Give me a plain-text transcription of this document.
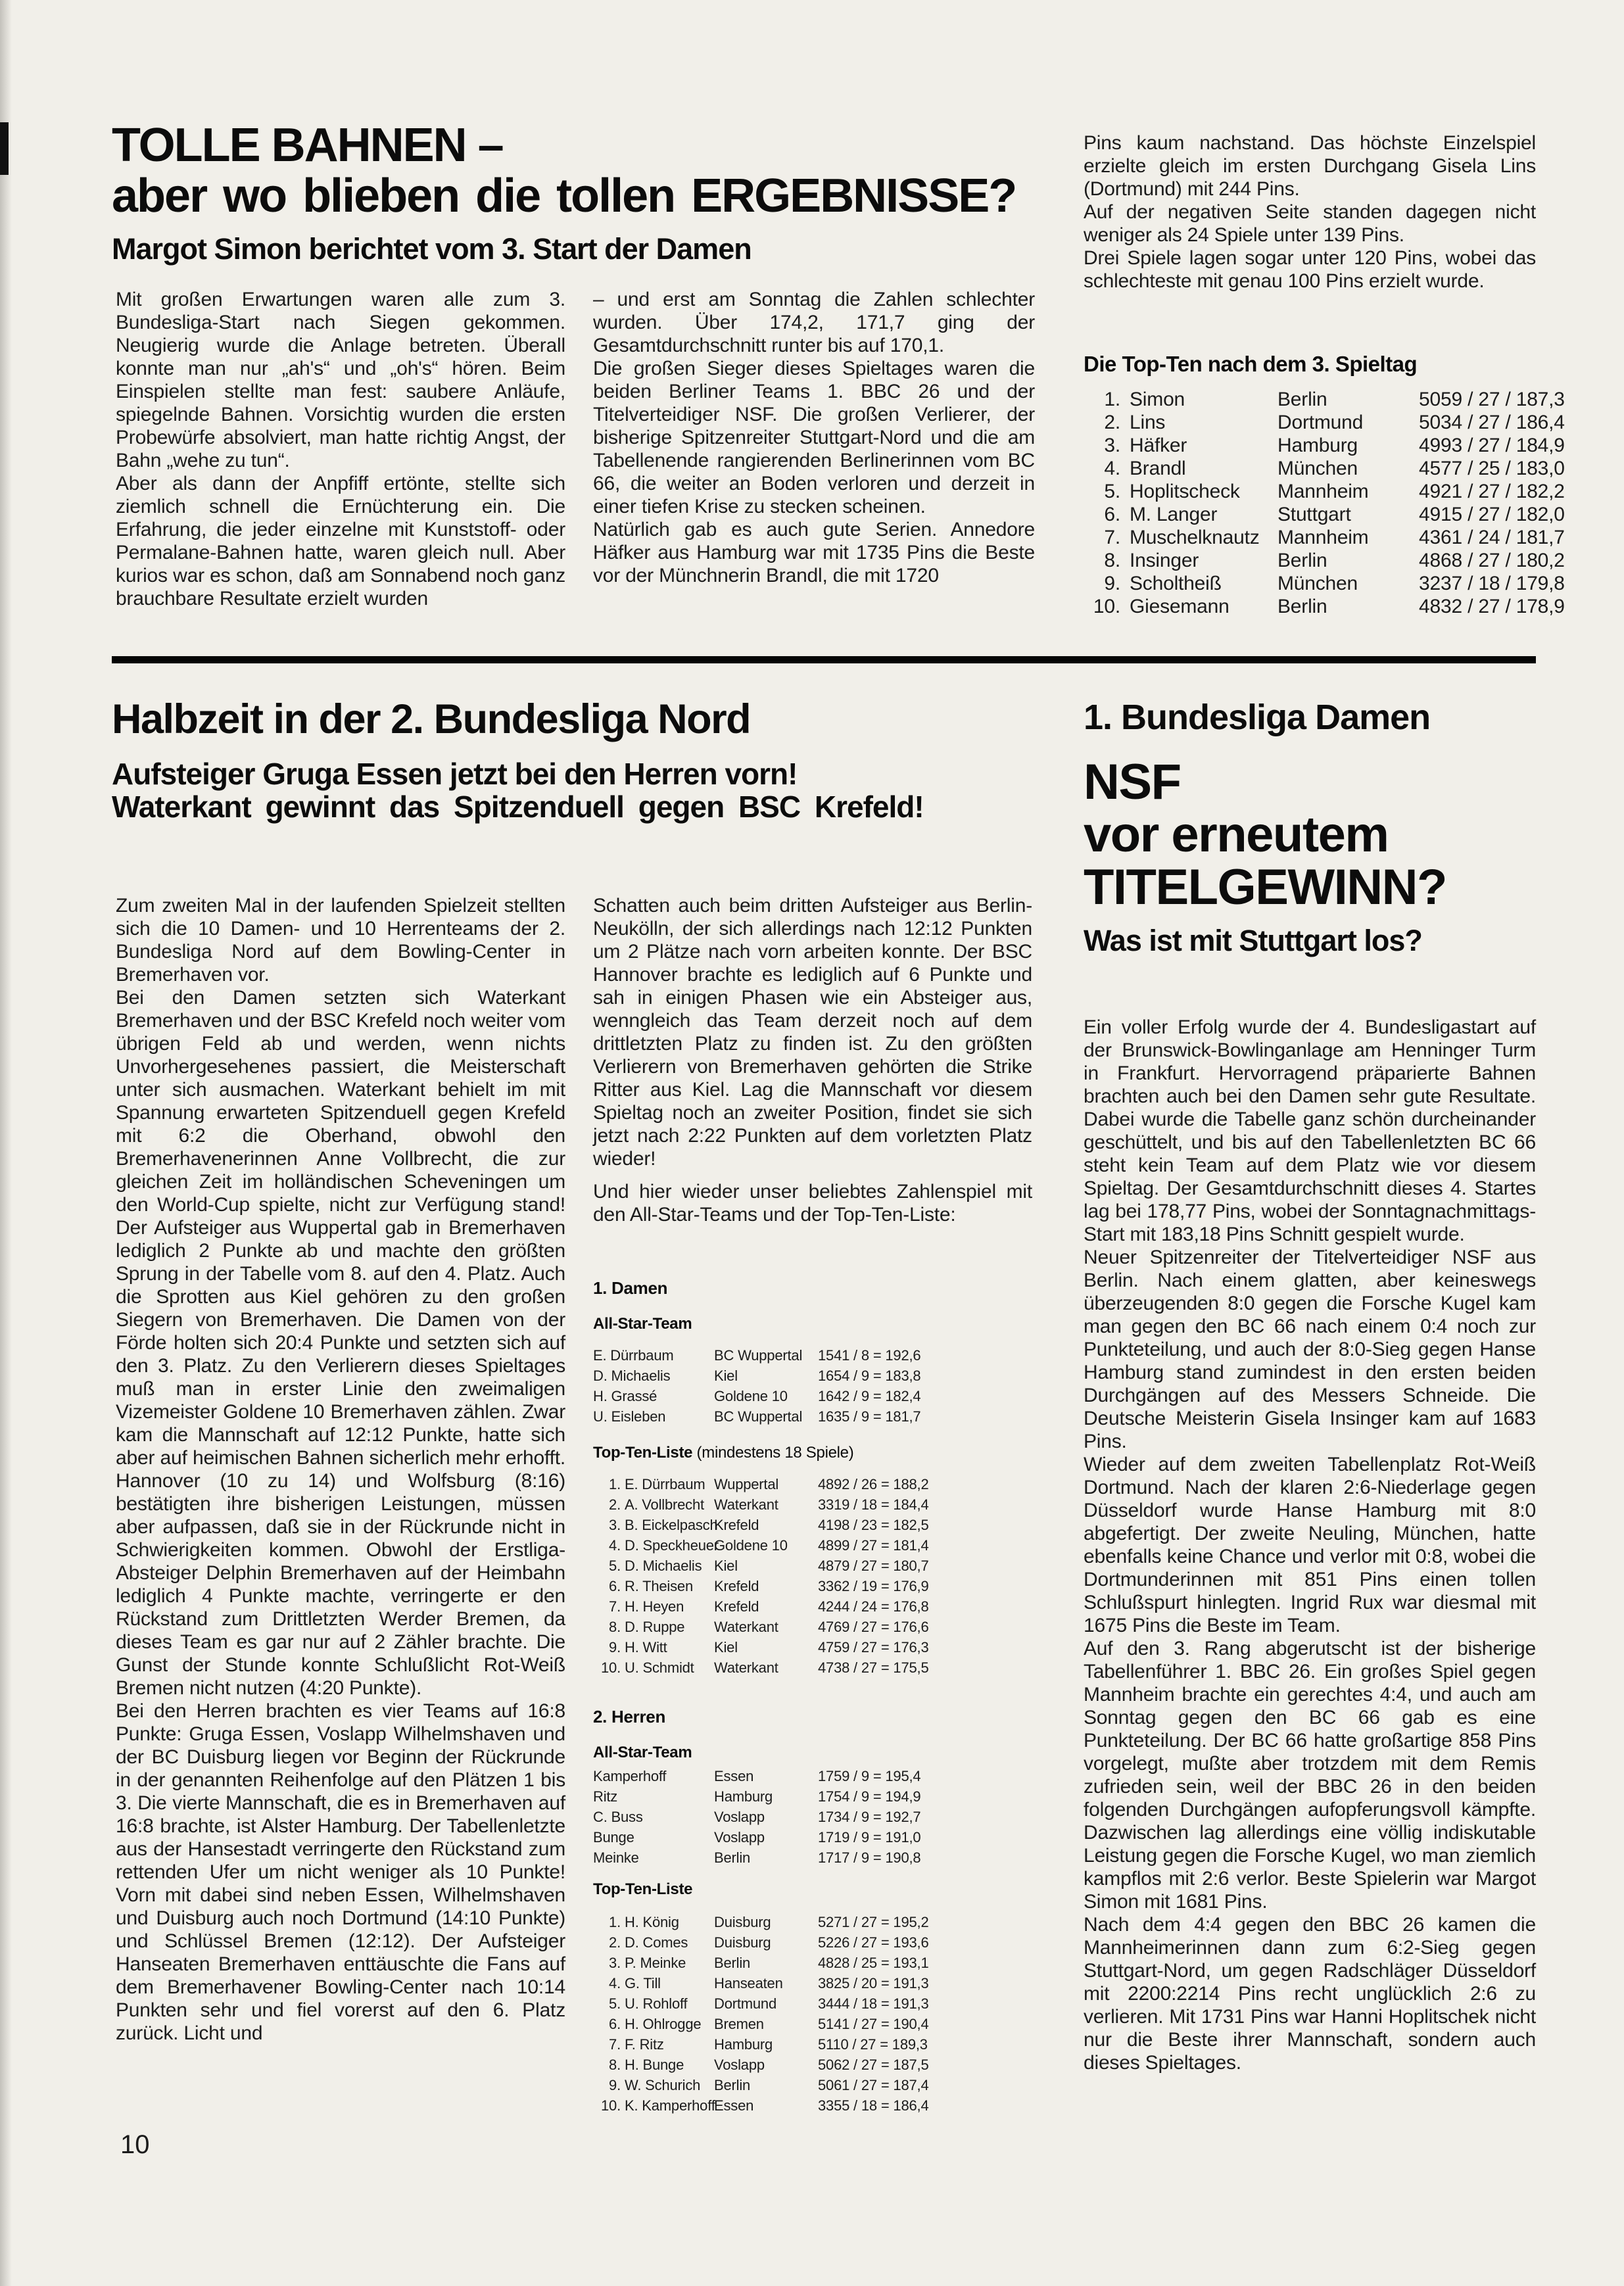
TOLLE BAHNEN –
aber wo blieben die tollen ERGEBNISSE?
Margot Simon berichtet vom 3. Start der Damen

Mit großen Erwartungen waren alle zum 3. Bundesliga-Start nach Siegen gekommen. Neugierig wurde die Anlage betreten. Überall konnte man nur „ah's“ und „oh's“ hören. Beim Einspielen stellte man fest: saubere Anläufe, spiegelnde Bahnen. Vorsichtig wurden die ersten Probewürfe absolviert, man hatte richtig Angst, der Bahn „wehe zu tun“.

Aber als dann der Anpfiff ertönte, stellte sich ziemlich schnell die Ernüchterung ein. Die Erfahrung, die jeder einzelne mit Kunststoff- oder Permalane-Bahnen hatte, waren gleich null. Aber kurios war es schon, daß am Sonnabend noch ganz brauchbare Resultate erzielt wurden

– und erst am Sonntag die Zahlen schlechter wurden. Über 174,2, 171,7 ging der Gesamtdurchschnitt runter bis auf 170,1.

Die großen Sieger dieses Spieltages waren die beiden Berliner Teams 1. BBC 26 und der Titelverteidiger NSF. Die großen Verlierer, der bisherige Spitzenreiter Stuttgart-Nord und die am Tabellenende rangierenden Berlinerinnen vom BC 66, die weiter an Boden verloren und derzeit in einer tiefen Krise zu stecken scheinen.

Natürlich gab es auch gute Serien. Annedore Häfker aus Hamburg war mit 1735 Pins die Beste vor der Münchnerin Brandl, die mit 1720

Pins kaum nachstand. Das höchste Einzelspiel erzielte gleich im ersten Durchgang Gisela Lins (Dortmund) mit 244 Pins.

Auf der negativen Seite standen dagegen nicht weniger als 24 Spiele unter 139 Pins.

Drei Spiele lagen sogar unter 120 Pins, wobei das schlechteste mit genau 100 Pins erzielt wurde.

Die Top-Ten nach dem 3. Spieltag
1. Simon	Berlin	5059 / 27 / 187,3
2. Lins	Dortmund	5034 / 27 / 186,4
3. Häfker	Hamburg	4993 / 27 / 184,9
4. Brandl	München	4577 / 25 / 183,0
5. Hoplitscheck	Mannheim	4921 / 27 / 182,2
6. M. Langer	Stuttgart	4915 / 27 / 182,0
7. Muschelknautz Mannheim	4361 / 24 / 181,7
8. Insinger	Berlin	4868 / 27 / 180,2
9. Scholtheiß	München	3237 / 18 / 179,8
10. Giesemann	Berlin	4832 / 27 / 178,9
Halbzeit in der 2. Bundesliga Nord
Aufsteiger Gruga Essen jetzt bei den Herren vorn!
Waterkant gewinnt das Spitzenduell gegen BSC Krefeld!

Zum zweiten Mal in der laufenden Spielzeit stellten sich die 10 Damen- und 10 Herrenteams der 2. Bundesliga Nord auf dem Bowling-Center in Bremerhaven vor.

Bei den Damen setzten sich Waterkant Bremerhaven und der BSC Krefeld noch weiter vom übrigen Feld ab und werden, wenn nichts Unvorhergesehenes passiert, die Meisterschaft unter sich ausmachen. Waterkant behielt im mit Spannung erwarteten Spitzenduell gegen Krefeld mit 6:2 die Oberhand, obwohl den Bremerhavenerinnen Anne Vollbrecht, die zur gleichen Zeit im holländischen Scheveningen um den World-Cup spielte, nicht zur Verfügung stand! Der Aufsteiger aus Wuppertal gab in Bremerhaven lediglich 2 Punkte ab und machte den größten Sprung in der Tabelle vom 8. auf den 4. Platz. Auch die Sprotten aus Kiel gehören zu den großen Siegern von Bremerhaven. Die Damen von der Förde holten sich 20:4 Punkte und setzten sich auf den 3. Platz. Zu den Verlierern dieses Spieltages muß man in erster Linie den zweimaligen Vizemeister Goldene 10 Bremerhaven zählen. Zwar kam die Mannschaft auf 12:12 Punkte, hatte sich aber auf heimischen Bahnen sicherlich mehr erhofft. Hannover (10 zu 14) und Wolfsburg (8:16) bestätigten ihre bisherigen Leistungen, müssen aber aufpassen, daß sie in der Rückrunde nicht in Schwierigkeiten kommen. Obwohl der Erstliga-Absteiger Delphin Bremerhaven auf der Heimbahn lediglich 4 Punkte machte, verringerte er den Rückstand zum Drittletzten Werder Bremen, da dieses Team es gar nur auf 2 Zähler brachte. Die Gunst der Stunde konnte Schlußlicht Rot-Weiß Bremen nicht nutzen (4:20 Punkte).

Bei den Herren brachten es vier Teams auf 16:8 Punkte: Gruga Essen, Voslapp Wilhelmshaven und der BC Duisburg liegen vor Beginn der Rückrunde in der genannten Reihenfolge auf den Plätzen 1 bis 3. Die vierte Mannschaft, die es in Bremerhaven auf 16:8 brachte, ist Alster Hamburg. Der Tabellenletzte aus der Hansestadt verringerte den Rückstand zum rettenden Ufer um nicht weniger als 10 Punkte! Vorn mit dabei sind neben Essen, Wilhelmshaven und Duisburg auch noch Dortmund (14:10 Punkte) und Schlüssel Bremen (12:12). Der Aufsteiger Hanseaten Bremerhaven enttäuschte die Fans auf dem Bremerhavener Bowling-Center nach 10:14 Punkten sehr und fiel vorerst auf den 6. Platz zurück. Licht und

Schatten auch beim dritten Aufsteiger aus Berlin-Neukölln, der sich allerdings nach 12:12 Punkten um 2 Plätze nach vorn arbeiten konnte. Der BSC Hannover brachte es lediglich auf 6 Punkte und sah in einigen Phasen wie ein Absteiger aus, wenngleich das Team derzeit noch auf dem drittletzten Platz zu finden ist. Zu den größten Verlierern von Bremerhaven gehörten die Strike Ritter aus Kiel. Lag die Mannschaft vor diesem Spieltag noch an zweiter Position, findet sie sich jetzt nach 2:22 Punkten auf dem vorletzten Platz wieder!

Und hier wieder unser beliebtes Zahlenspiel mit den All-Star-Teams und der Top-Ten-Liste:

1. Damen
All-Star-Team
E. Dürrbaum	BC Wuppertal	1541 / 8 = 192,6
D. Michaelis	Kiel	1654 / 9 = 183,8
H. Grassé	Goldene 10	1642 / 9 = 182,4
U. Eisleben	BC Wuppertal	1635 / 9 = 181,7
Top-Ten-Liste (mindestens 18 Spiele)
1. E. Dürrbaum Wuppertal	4892 / 26 = 188,2
2. A. Vollbrecht Waterkant	3319 / 18 = 184,4
3. B. Eickelpasch
Krefeld	4198 / 23 = 182,5
4. D. Speckheuer
Goldene 10	4899 / 27 = 181,4
5. D. Michaelis Kiel	4879 / 27 = 180,7
6. R. Theisen Krefeld	3362 / 19 = 176,9
7. H. Heyen Krefeld	4244 / 24 = 176,8
8. D. Ruppe Waterkant	4769 / 27 = 176,6
9. H. Witt	Kiel	4759 / 27 = 176,3
10. U. Schmidt Waterkant	4738 / 27 = 175,5
2. Herren
All-Star-Team
Kamperhoff	Essen	1759 / 9 = 195,4
Ritz	Hamburg	1754 / 9 = 194,9
C. Buss	Voslapp	1734 / 9 = 192,7
Bunge	Voslapp	1719 / 9 = 191,0
Meinke	Berlin	1717 / 9 = 190,8
Top-Ten-Liste
1. H. König Duisburg	5271 / 27 = 195,2
2. D. Comes Duisburg	5226 / 27 = 193,6
3. P. Meinke Berlin	4828 / 25 = 193,1
4. G. Till	Hanseaten	3825 / 20 = 191,3
5. U. Rohloff Dortmund	3444 / 18 = 191,3
6. H. Ohlrogge Bremen	5141 / 27 = 190,4
7. F. Ritz	Hamburg	5110 / 27 = 189,3
8. H. Bunge Voslapp	5062 / 27 = 187,5
9. W. Schurich Berlin	5061 / 27 = 187,4
10. K. Kamperhoff
Essen	3355 / 18 = 186,4
1. Bundesliga Damen
NSF
vor erneutem
TITELGEWINN?
Was ist mit Stuttgart los?

Ein voller Erfolg wurde der 4. Bundesligastart auf der Brunswick-Bowlinganlage am Henninger Turm in Frankfurt. Hervorragend präparierte Bahnen brachten auch bei den Damen sehr gute Resultate. Dabei wurde die Tabelle ganz schön durcheinander geschüttelt, und bis auf den Tabellenletzten BC 66 steht kein Team auf dem Platz wie vor diesem Spieltag. Der Gesamtdurchschnitt dieses 4. Startes lag bei 178,77 Pins, wobei der Sonntagnachmittags-Start mit 183,18 Pins Schnitt gespielt wurde.

Neuer Spitzenreiter der Titelverteidiger NSF aus Berlin. Nach einem glatten, aber keineswegs überzeugenden 8:0 gegen die Forsche Kugel kam man gegen den BC 66 nach einem 0:4 noch zur Punkteteilung, und auch der 8:0-Sieg gegen Hanse Hamburg stand zumindest in den ersten beiden Durchgängen auf des Messers Schneide. Die Deutsche Meisterin Gisela Insinger kam auf 1683 Pins.

Wieder auf dem zweiten Tabellenplatz Rot-Weiß Dortmund. Nach der klaren 2:6-Niederlage gegen Düsseldorf wurde Hanse Hamburg mit 8:0 abgefertigt. Der zweite Neuling, München, hatte ebenfalls keine Chance und verlor mit 0:8, wobei die Dortmunderinnen mit 851 Pins einen tollen Schlußspurt hinlegten. Ingrid Rux war diesmal mit 1675 Pins die Beste im Team.

Auf den 3. Rang abgerutscht ist der bisherige Tabellenführer 1. BBC 26. Ein großes Spiel gegen Mannheim brachte ein gerechtes 4:4, und auch am Sonntag gegen den BC 66 gab es eine Punkteteilung. Der BC 66 hatte großartige 858 Pins vorgelegt, mußte aber trotzdem mit dem Remis zufrieden sein, weil der BBC 26 in den beiden folgenden Durchgängen aufopferungsvoll kämpfte. Dazwischen lag allerdings eine völlig indiskutable Leistung gegen die Forsche Kugel, wo man ziemlich kampflos mit 2:6 verlor. Beste Spielerin war Margot Simon mit 1681 Pins.

Nach dem 4:4 gegen den BBC 26 kamen die Mannheimerinnen dann zum 6:2-Sieg gegen Stuttgart-Nord, um gegen Radschläger Düsseldorf mit 2200:2214 Pins recht unglücklich 2:6 zu verlieren. Mit 1731 Pins war Hanni Hoplitschek nicht nur die Beste ihrer Mannschaft, sondern auch dieses Spieltages.

10
